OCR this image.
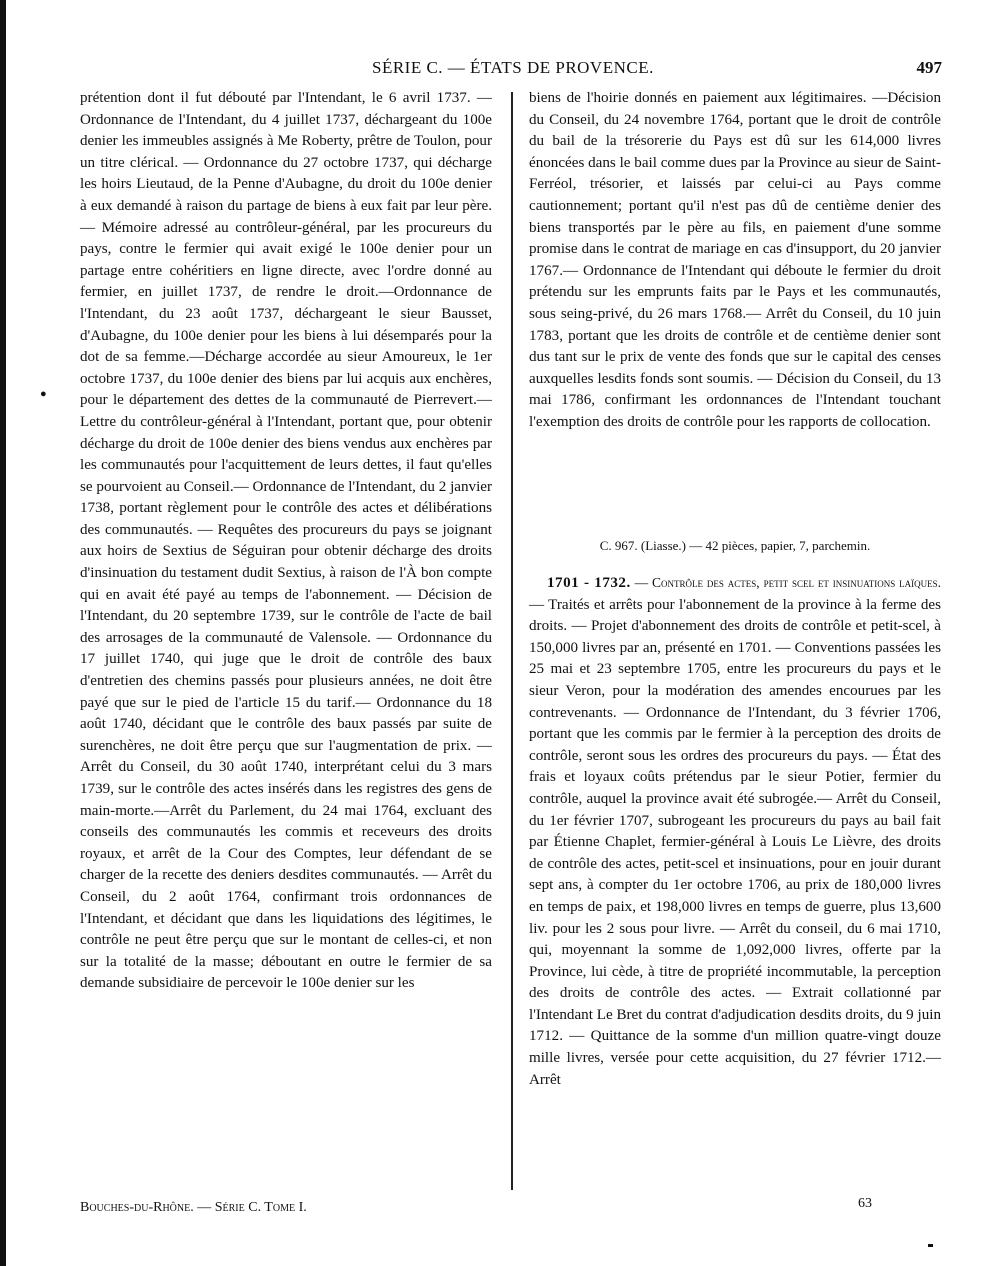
SÉRIE C. — ÉTATS DE PROVENCE.	497
●

prétention dont il fut débouté par l'Intendant, le 6 avril 1737. — Ordonnance de l'Intendant, du 4 juillet 1737, déchargeant du 100e denier les immeubles assignés à Me Roberty, prêtre de Toulon, pour un titre clérical. — Ordonnance du 27 octobre 1737, qui décharge les hoirs Lieutaud, de la Penne d'Aubagne, du droit du 100e denier à eux demandé à raison du partage de biens à eux fait par leur père. — Mémoire adressé au contrôleur-général, par les procureurs du pays, contre le fermier qui avait exigé le 100e denier pour un partage entre cohéritiers en ligne directe, avec l'ordre donné au fermier, en juillet 1737, de rendre le droit.—Ordonnance de l'Intendant, du 23 août 1737, déchargeant le sieur Bausset, d'Aubagne, du 100e denier pour les biens à lui désemparés pour la dot de sa femme.—Décharge accordée au sieur Amoureux, le 1er octobre 1737, du 100e denier des biens par lui acquis aux enchères, pour le département des dettes de la communauté de Pierrevert.—Lettre du contrôleur-général à l'Intendant, portant que, pour obtenir décharge du droit de 100e denier des biens vendus aux enchères par les communautés pour l'acquittement de leurs dettes, il faut qu'elles se pourvoient au Conseil.— Ordonnance de l'Intendant, du 2 janvier 1738, portant règlement pour le contrôle des actes et délibérations des communautés. — Requêtes des procureurs du pays se joignant aux hoirs de Sextius de Séguiran pour obtenir décharge des droits d'insinuation du testament dudit Sextius, à raison de l'À bon compte qui en avait été payé au temps de l'abonnement. — Décision de l'Intendant, du 20 septembre 1739, sur le contrôle de l'acte de bail des arrosages de la communauté de Valensole. — Ordonnance du 17 juillet 1740, qui juge que le droit de contrôle des baux d'entretien des chemins passés pour plusieurs années, ne doit être payé que sur le pied de l'article 15 du tarif.— Ordonnance du 18 août 1740, décidant que le contrôle des baux passés par suite de surenchères, ne doit être perçu que sur l'augmentation de prix. — Arrêt du Conseil, du 30 août 1740, interprétant celui du 3 mars 1739, sur le contrôle des actes insérés dans les registres des gens de main-morte.—Arrêt du Parlement, du 24 mai 1764, excluant des conseils des communautés les commis et receveurs des droits royaux, et arrêt de la Cour des Comptes, leur défendant de se charger de la recette des deniers desdites communautés. — Arrêt du Conseil, du 2 août 1764, confirmant trois ordonnances de l'Intendant, et décidant que dans les liquidations des légitimes, le contrôle ne peut être perçu que sur le montant de celles-ci, et non sur la totalité de la masse; déboutant en outre le fermier de sa demande subsidiaire de percevoir le 100e denier sur les

biens de l'hoirie donnés en paiement aux légitimaires. —Décision du Conseil, du 24 novembre 1764, portant que le droit de contrôle du bail de la trésorerie du Pays est dû sur les 614,000 livres énoncées dans le bail comme dues par la Province au sieur de Saint-Ferréol, trésorier, et laissés par celui-ci au Pays comme cautionnement; portant qu'il n'est pas dû de centième denier des biens transportés par le père au fils, en paiement d'une somme promise dans le contrat de mariage en cas d'insupport, du 20 janvier 1767.— Ordonnance de l'Intendant qui déboute le fermier du droit prétendu sur les emprunts faits par le Pays et les communautés, sous seing-privé, du 26 mars 1768.— Arrêt du Conseil, du 10 juin 1783, portant que les droits de contrôle et de centième denier sont dus tant sur le prix de vente des fonds que sur le capital des censes auxquelles lesdits fonds sont soumis. — Décision du Conseil, du 13 mai 1786, confirmant les ordonnances de l'Intendant touchant l'exemption des droits de contrôle pour les rapports de collocation.

C. 967. (Liasse.) — 42 pièces, papier, 7, parchemin.

1701 - 1732. — Contrôle des actes, petit scel et insinuations laïques. — Traités et arrêts pour l'abonnement de la province à la ferme des droits. — Projet d'abonnement des droits de contrôle et petit-scel, à 150,000 livres par an, présenté en 1701. — Conventions passées les 25 mai et 23 septembre 1705, entre les procureurs du pays et le sieur Veron, pour la modération des amendes encourues par les contrevenants. — Ordonnance de l'Intendant, du 3 février 1706, portant que les commis par le fermier à la perception des droits de contrôle, seront sous les ordres des procureurs du pays. — État des frais et loyaux coûts prétendus par le sieur Potier, fermier du contrôle, auquel la province avait été subrogée.— Arrêt du Conseil, du 1er février 1707, subrogeant les procureurs du pays au bail fait par Étienne Chaplet, fermier-général à Louis Le Lièvre, des droits de contrôle des actes, petit-scel et insinuations, pour en jouir durant sept ans, à compter du 1er octobre 1706, au prix de 180,000 livres en temps de paix, et 198,000 livres en temps de guerre, plus 13,600 liv. pour les 2 sous pour livre. — Arrêt du conseil, du 6 mai 1710, qui, moyennant la somme de 1,092,000 livres, offerte par la Province, lui cède, à titre de propriété incommutable, la perception des droits de contrôle des actes. — Extrait collationné par l'Intendant Le Bret du contrat d'adjudication desdits droits, du 9 juin 1712. — Quittance de la somme d'un million quatre-vingt douze mille livres, versée pour cette acquisition, du 27 février 1712.—Arrêt

Bouches-du-Rhône. — Série C. Tome I.	63
